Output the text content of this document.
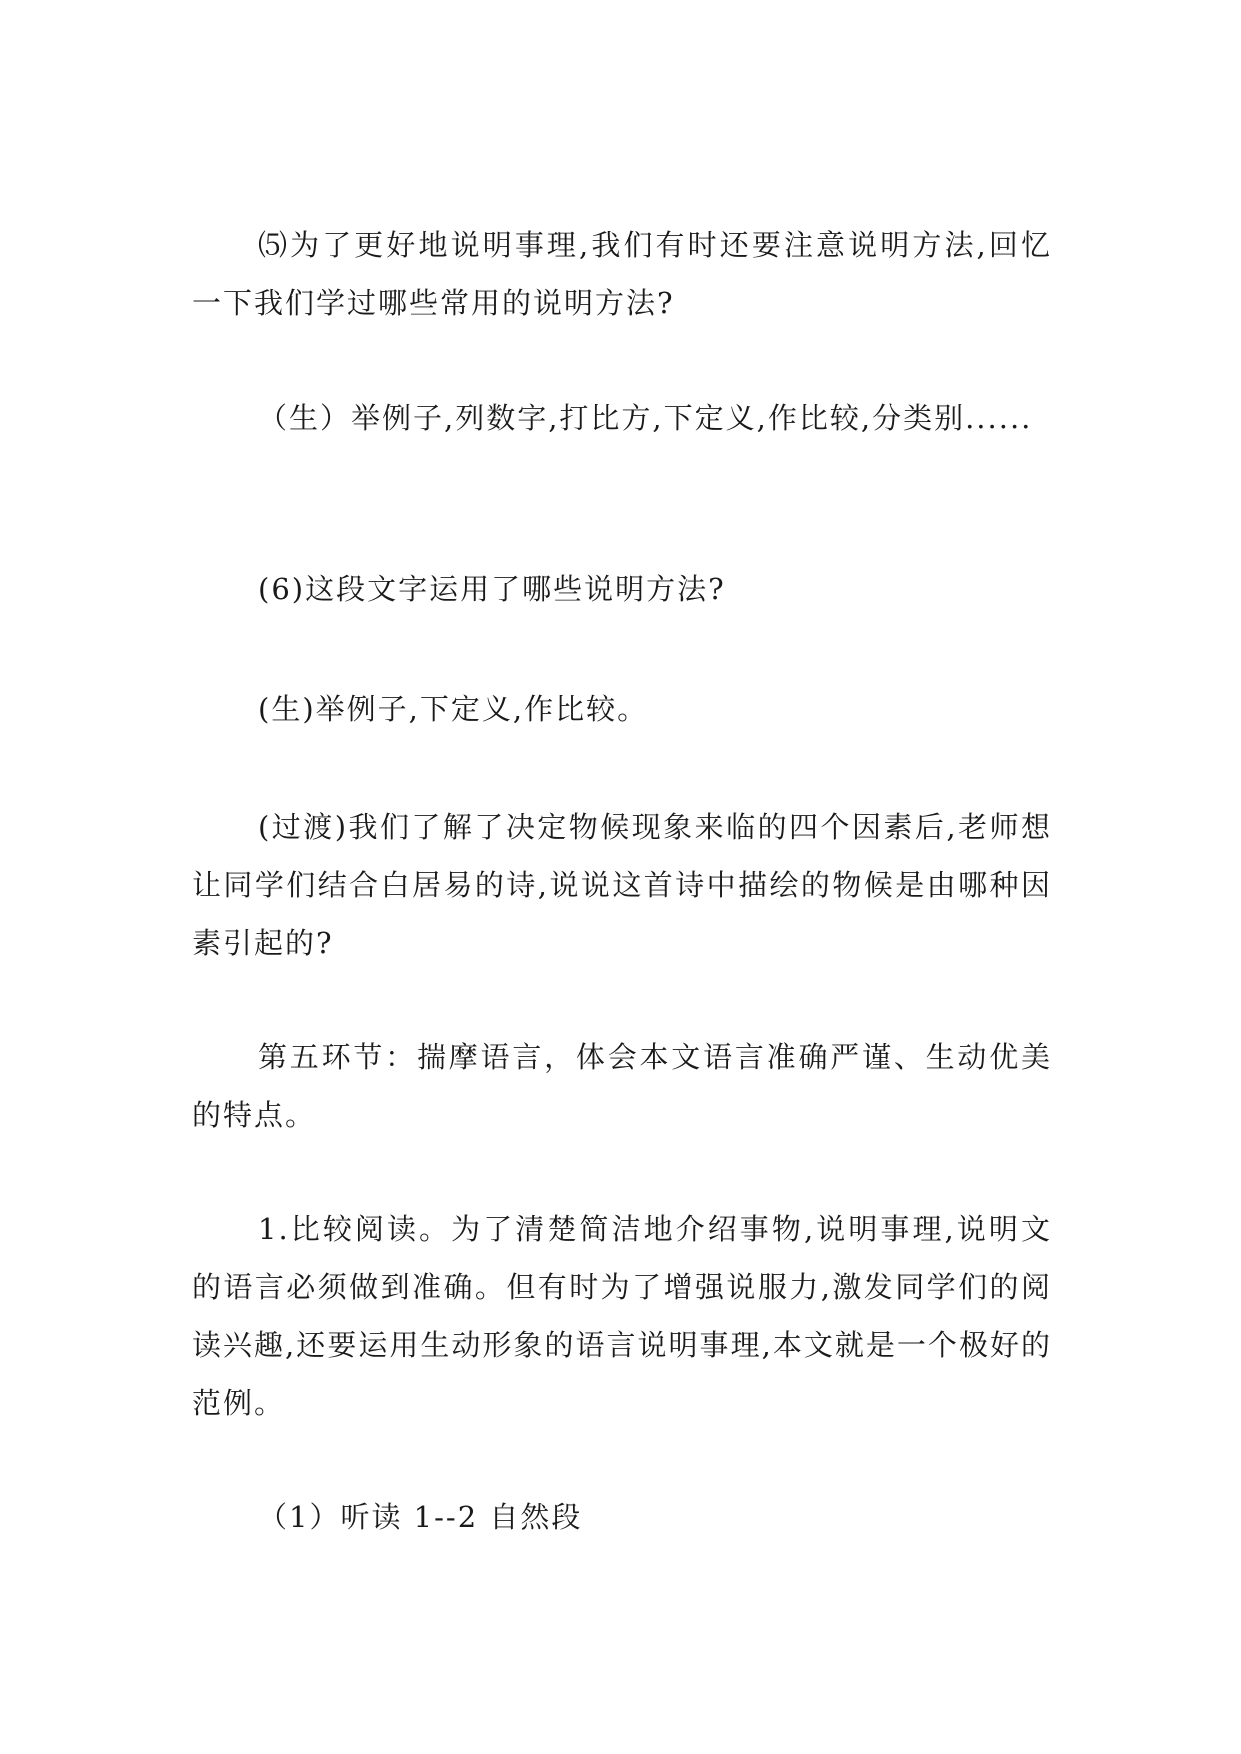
⑸为了更好地说明事理,我们有时还要注意说明方法,回忆一下我们学过哪些常用的说明方法?

（生）举例子,列数字,打比方,下定义,作比较,分类别......

(6)这段文字运用了哪些说明方法?

(生)举例子,下定义,作比较。

(过渡)我们了解了决定物候现象来临的四个因素后,老师想让同学们结合白居易的诗,说说这首诗中描绘的物候是由哪种因素引起的?

第五环节：揣摩语言，体会本文语言准确严谨、生动优美的特点。

1.比较阅读。为了清楚简洁地介绍事物,说明事理,说明文的语言必须做到准确。但有时为了增强说服力,激发同学们的阅读兴趣,还要运用生动形象的语言说明事理,本文就是一个极好的范例。

（1）听读 1--2 自然段
